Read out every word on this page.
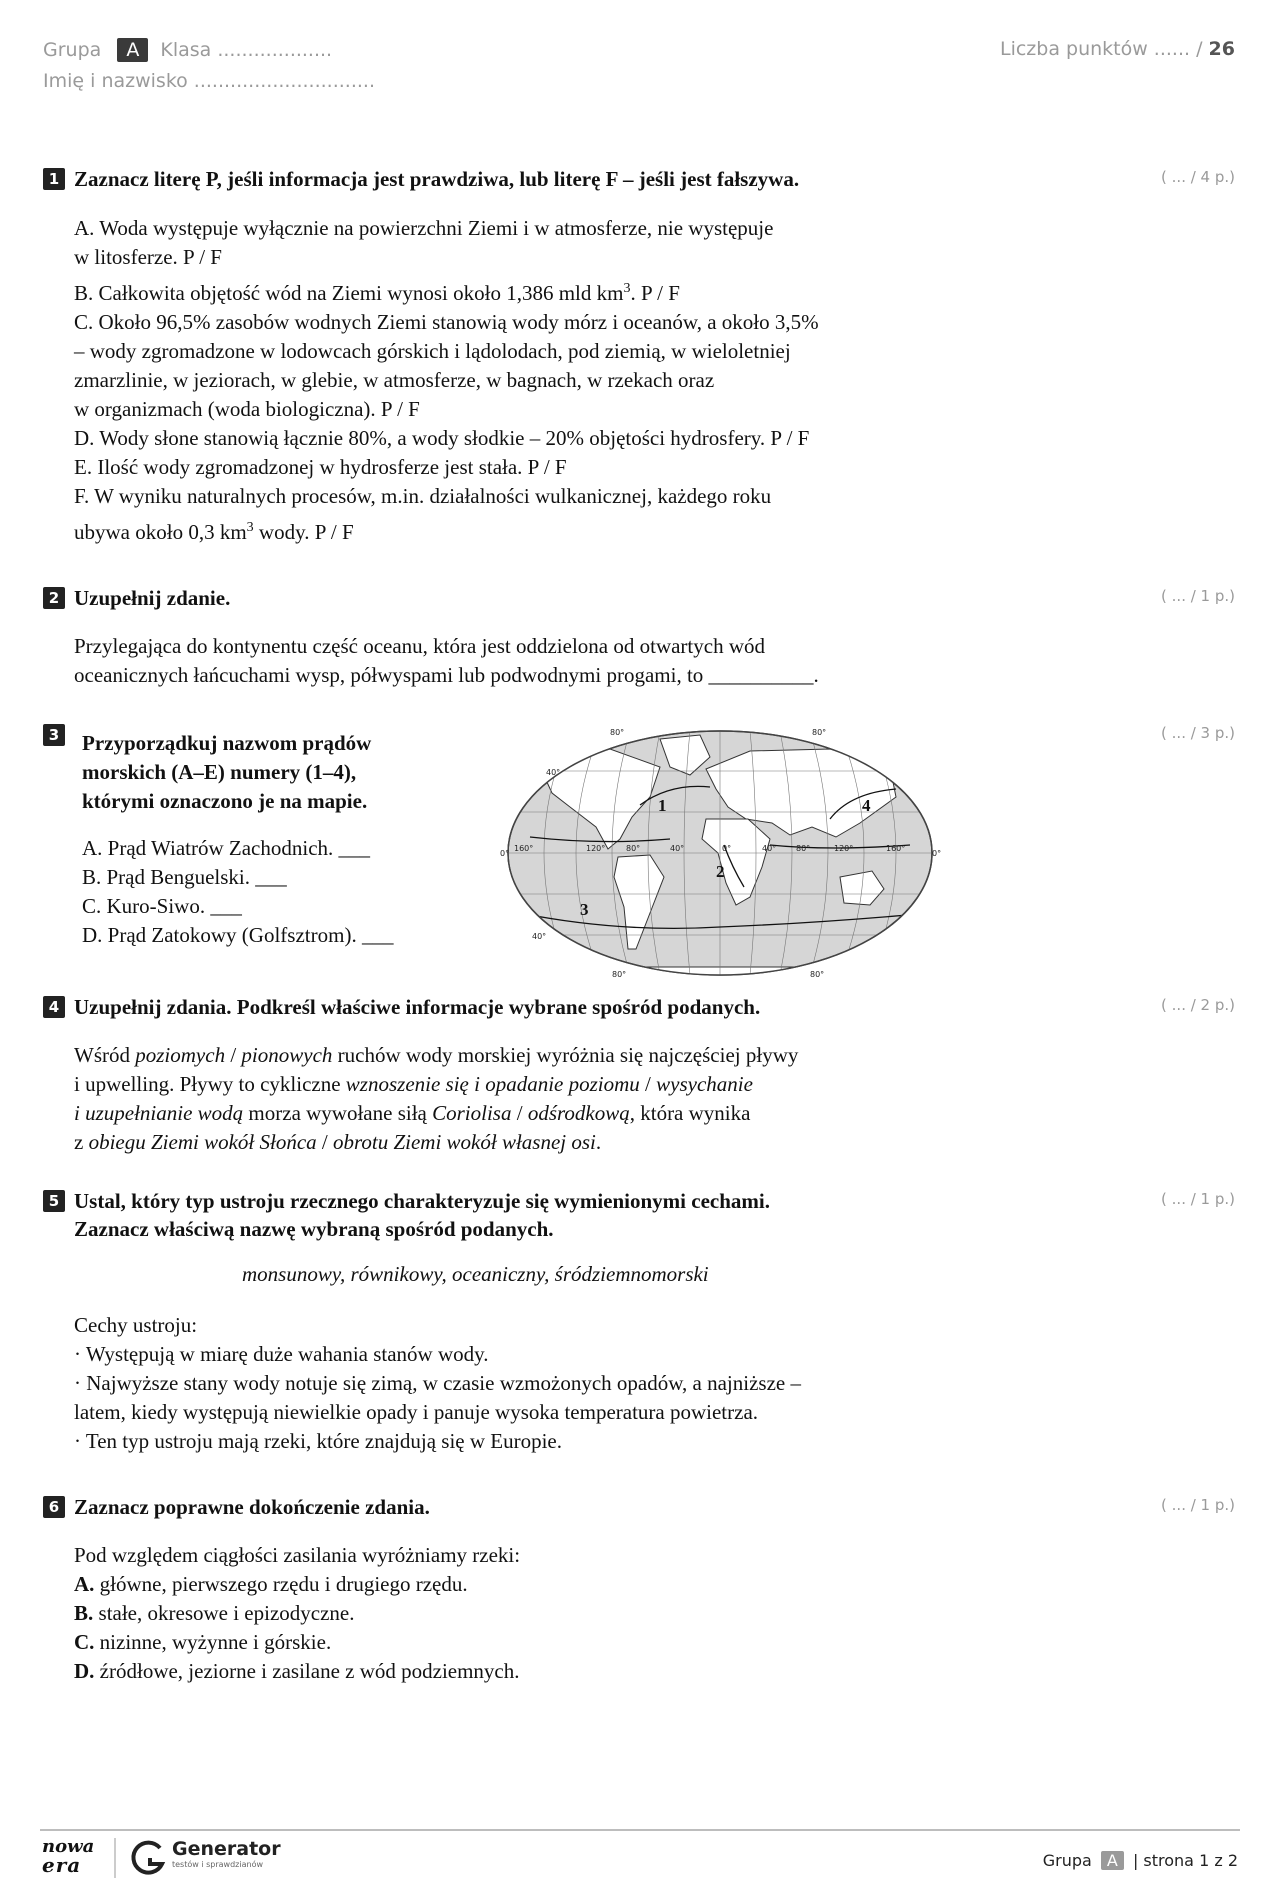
Grupa A Klasa ...................
Imię i nazwisko ..............................
Liczba punktów ...... / 26
1 Zaznacz literę P, jeśli informacja jest prawdziwa, lub literę F – jeśli jest fałszywa.	( ... / 4 p.)

A. Woda występuje wyłącznie na powierzchni Ziemi i w atmosferze, nie występuje

w litosferze. P / F

B. Całkowita objętość wód na Ziemi wynosi około 1,386 mld $km^3$. P / F

C. Około 96,5% zasobów wodnych Ziemi stanowią wody mórz i oceanów, a około 3,5%

– wody zgromadzone w lodowcach górskich i lądolodach, pod ziemią, w wieloletniej

zmarzlinie, w jeziorach, w glebie, w atmosferze, w bagnach, w rzekach oraz

w organizmach (woda biologiczna). P / F

D. Wody słone stanowią łącznie 80%, a wody słodkie – 20% objętości hydrosfery. P / F

E. Ilość wody zgromadzonej w hydrosferze jest stała. P / F

F. W wyniku naturalnych procesów, m.in. działalności wulkanicznej, każdego roku

ubywa około 0,3 $km^3$ wody. P / F

2 Uzupełnij zdanie.	( ... / 1 p.)

Przylegająca do kontynentu część oceanu, która jest oddzielona od otwartych wód

oceanicznych łańcuchami wysp, półwyspami lub podwodnymi progami, to __________.

3 Przyporządkuj nazwom prądów
morskich (A–E) numery (1–4),
którymi oznaczono je na mapie.
( ... / 3 p.)

A. Prąd Wiatrów Zachodnich. ___

B. Prąd Benguelski. ___

C. Kuro-Siwo. ___

D. Prąd Zatokowy (Golfsztrom). ___

80°	80°
40°
0°	0°
160°	120°	80°	40°	0°	40° 80°	120°	160°
40°
80°	80°
1
2
3
4
4 Uzupełnij zdania. Podkreśl właściwe informacje wybrane spośród podanych.	( ... / 2 p.)

Wśród poziomych / pionowych ruchów wody morskiej wyróżnia się najczęściej pływy

i upwelling. Pływy to cykliczne wznoszenie się i opadanie poziomu / wysychanie

i uzupełnianie wodą morza wywołane siłą Coriolisa / odśrodkową, która wynika

z obiegu Ziemi wokół Słońca / obrotu Ziemi wokół własnej osi.

5 Ustal, który typ ustroju rzecznego charakteryzuje się wymienionymi cechami.
Zaznacz właściwą nazwę wybraną spośród podanych.
( ... / 1 p.)
monsunowy, równikowy, oceaniczny, śródziemnomorski

Cechy ustroju:

· Występują w miarę duże wahania stanów wody.

· Najwyższe stany wody notuje się zimą, w czasie wzmożonych opadów, a najniższe –

latem, kiedy występują niewielkie opady i panuje wysoka temperatura powietrza.

· Ten typ ustroju mają rzeki, które znajdują się w Europie.

6 Zaznacz poprawne dokończenie zdania.	( ... / 1 p.)

Pod względem ciągłości zasilania wyróżniamy rzeki:

A. główne, pierwszego rzędu i drugiego rzędu.

B. stałe, okresowe i epizodyczne.

C. nizinne, wyżynne i górskie.

D. źródłowe, jeziorne i zasilane z wód podziemnych.

nowa
era
Generator
testów i sprawdzianów	Grupa A | strona 1 z 2
